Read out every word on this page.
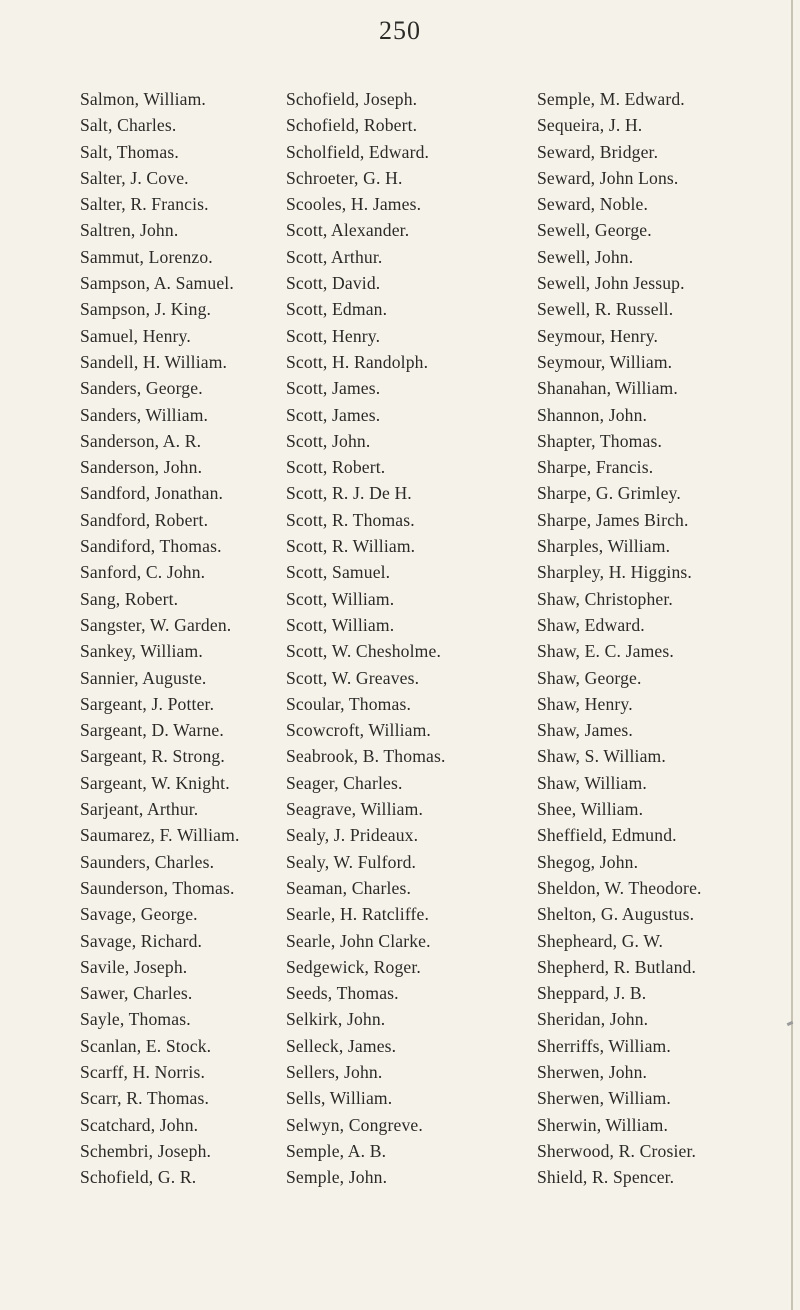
250
Salmon, William.
Salt, Charles.
Salt, Thomas.
Salter, J. Cove.
Salter, R. Francis.
Saltren, John.
Sammut, Lorenzo.
Sampson, A. Samuel.
Sampson, J. King.
Samuel, Henry.
Sandell, H. William.
Sanders, George.
Sanders, William.
Sanderson, A. R.
Sanderson, John.
Sandford, Jonathan.
Sandford, Robert.
Sandiford, Thomas.
Sanford, C. John.
Sang, Robert.
Sangster, W. Garden.
Sankey, William.
Sannier, Auguste.
Sargeant, J. Potter.
Sargeant, D. Warne.
Sargeant, R. Strong.
Sargeant, W. Knight.
Sarjeant, Arthur.
Saumarez, F. William.
Saunders, Charles.
Saunderson, Thomas.
Savage, George.
Savage, Richard.
Savile, Joseph.
Sawer, Charles.
Sayle, Thomas.
Scanlan, E. Stock.
Scarff, H. Norris.
Scarr, R. Thomas.
Scatchard, John.
Schembri, Joseph.
Schofield, G. R.
Schofield, Joseph.
Schofield, Robert.
Scholfield, Edward.
Schroeter, G. H.
Scooles, H. James.
Scott, Alexander.
Scott, Arthur.
Scott, David.
Scott, Edman.
Scott, Henry.
Scott, H. Randolph.
Scott, James.
Scott, James.
Scott, John.
Scott, Robert.
Scott, R. J. De H.
Scott, R. Thomas.
Scott, R. William.
Scott, Samuel.
Scott, William.
Scott, William.
Scott, W. Chesholme.
Scott, W. Greaves.
Scoular, Thomas.
Scowcroft, William.
Seabrook, B. Thomas.
Seager, Charles.
Seagrave, William.
Sealy, J. Prideaux.
Sealy, W. Fulford.
Seaman, Charles.
Searle, H. Ratcliffe.
Searle, John Clarke.
Sedgewick, Roger.
Seeds, Thomas.
Selkirk, John.
Selleck, James.
Sellers, John.
Sells, William.
Selwyn, Congreve.
Semple, A. B.
Semple, John.
Semple, M. Edward.
Sequeira, J. H.
Seward, Bridger.
Seward, John Lons.
Seward, Noble.
Sewell, George.
Sewell, John.
Sewell, John Jessup.
Sewell, R. Russell.
Seymour, Henry.
Seymour, William.
Shanahan, William.
Shannon, John.
Shapter, Thomas.
Sharpe, Francis.
Sharpe, G. Grimley.
Sharpe, James Birch.
Sharples, William.
Sharpley, H. Higgins.
Shaw, Christopher.
Shaw, Edward.
Shaw, E. C. James.
Shaw, George.
Shaw, Henry.
Shaw, James.
Shaw, S. William.
Shaw, William.
Shee, William.
Sheffield, Edmund.
Shegog, John.
Sheldon, W. Theodore.
Shelton, G. Augustus.
Shepheard, G. W.
Shepherd, R. Butland.
Sheppard, J. B.
Sheridan, John.
Sherriffs, William.
Sherwen, John.
Sherwen, William.
Sherwin, William.
Sherwood, R. Crosier.
Shield, R. Spencer.
